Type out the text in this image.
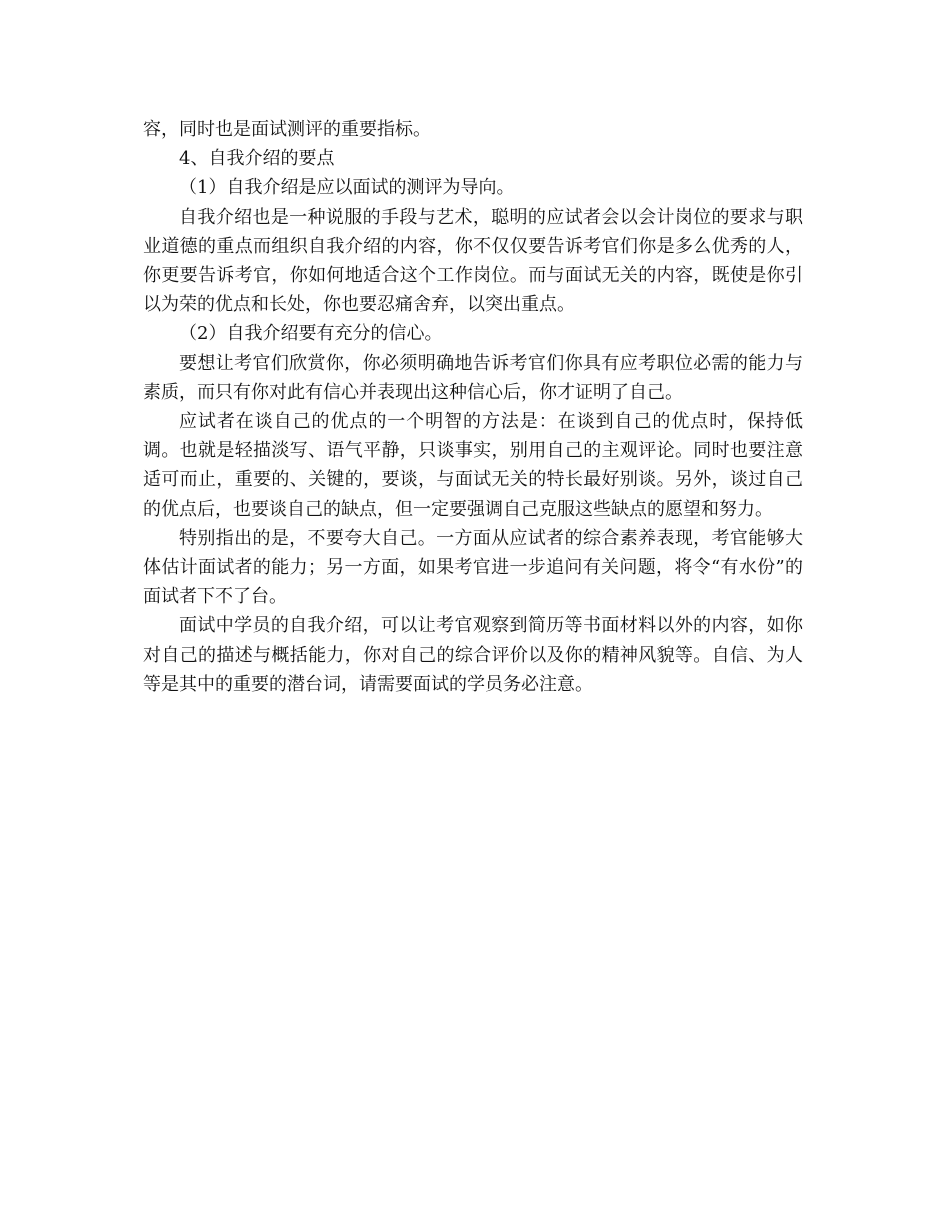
容，同时也是面试测评的重要指标。

4、自我介绍的要点

（1）自我介绍是应以面试的测评为导向。

自我介绍也是一种说服的手段与艺术，聪明的应试者会以会计岗位的要求与职业道德的重点而组织自我介绍的内容，你不仅仅要告诉考官们你是多么优秀的人，你更要告诉考官，你如何地适合这个工作岗位。而与面试无关的内容，既使是你引以为荣的优点和长处，你也要忍痛舍弃，以突出重点。

（2）自我介绍要有充分的信心。

要想让考官们欣赏你，你必须明确地告诉考官们你具有应考职位必需的能力与素质，而只有你对此有信心并表现出这种信心后，你才证明了自己。

应试者在谈自己的优点的一个明智的方法是：在谈到自己的优点时，保持低调。也就是轻描淡写、语气平静，只谈事实，别用自己的主观评论。同时也要注意适可而止，重要的、关键的，要谈，与面试无关的特长最好别谈。另外，谈过自己的优点后，也要谈自己的缺点，但一定要强调自己克服这些缺点的愿望和努力。

特别指出的是，不要夸大自己。一方面从应试者的综合素养表现，考官能够大体估计面试者的能力；另一方面，如果考官进一步追问有关问题，将令“有水份”的面试者下不了台。

面试中学员的自我介绍，可以让考官观察到简历等书面材料以外的内容，如你对自己的描述与概括能力，你对自己的综合评价以及你的精神风貌等。自信、为人等是其中的重要的潜台词，请需要面试的学员务必注意。
